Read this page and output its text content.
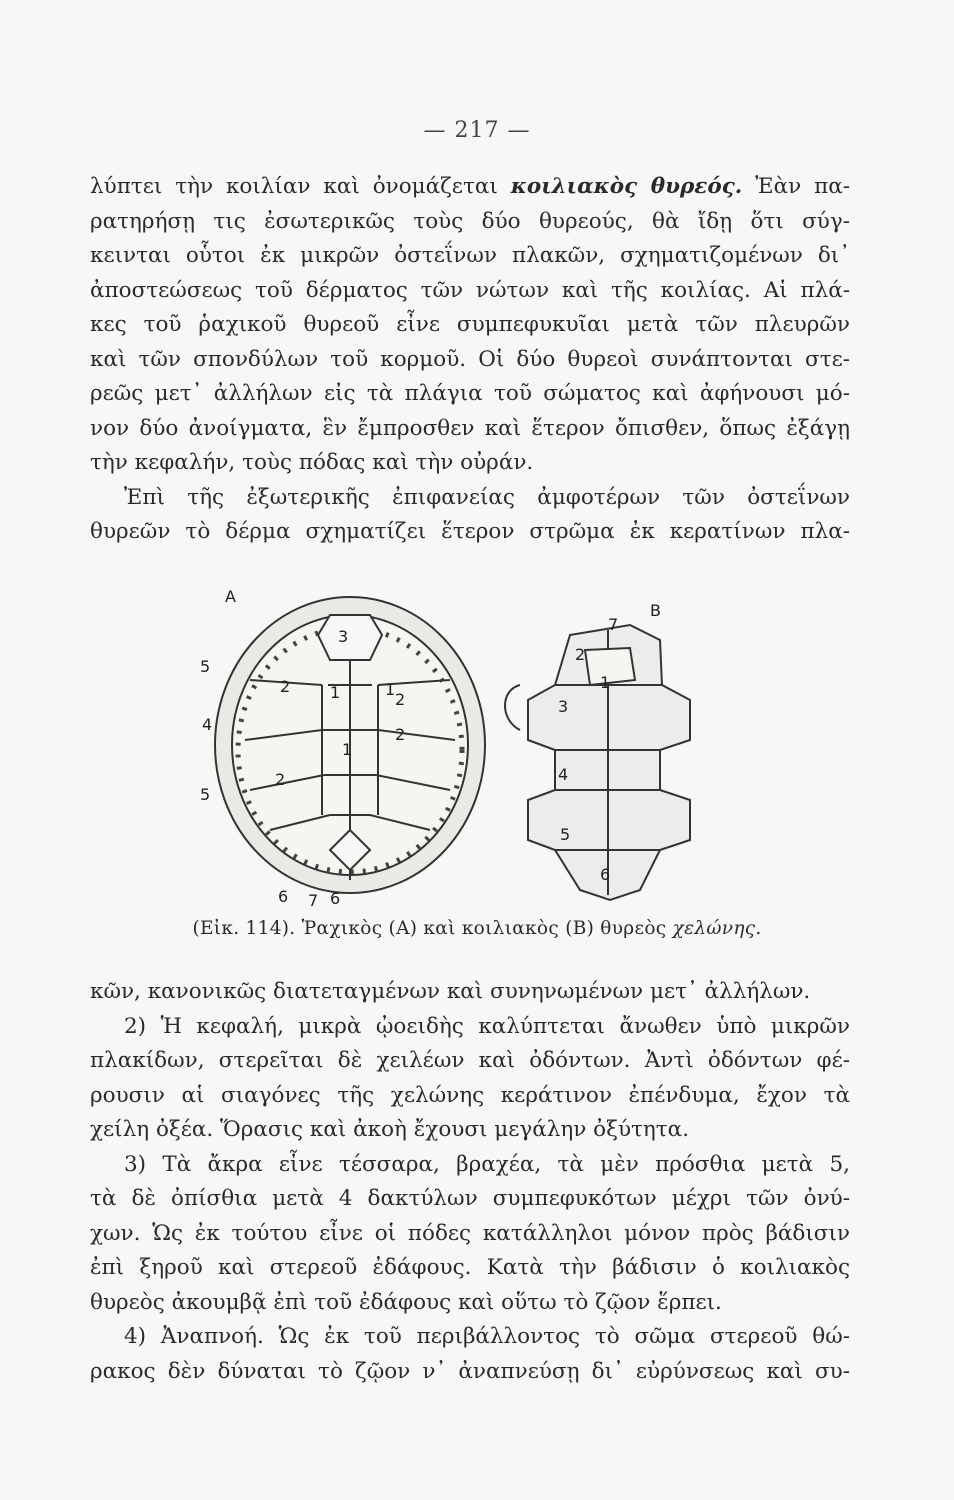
— 217 —
λύπτει τὴν κοιλίαν καὶ ὀνομάζεται κοιλιακὸς θυρεός. Ἐὰν πα-
ρατηρήσῃ τις ἐσωτερικῶς τοὺς δύο θυρεούς, θὰ ἴδῃ ὅτι σύγ-
κεινται οὗτοι ἐκ μικρῶν ὀστεΐνων πλακῶν, σχηματιζομένων δι᾽
ἀποστεώσεως τοῦ δέρματος τῶν νώτων καὶ τῆς κοιλίας. Αἱ πλά-
κες τοῦ ῥαχικοῦ θυρεοῦ εἶνε συμπεφυκυῖαι μετὰ τῶν πλευρῶν
καὶ τῶν σπονδύλων τοῦ κορμοῦ. Οἱ δύο θυρεοὶ συνάπτονται στε-
ρεῶς μετ᾽ ἀλλήλων εἰς τὰ πλάγια τοῦ σώματος καὶ ἀφήνουσι μό-
νον δύο ἀνοίγματα, ἓν ἔμπροσθεν καὶ ἕτερον ὄπισθεν, ὅπως ἐξάγῃ
τὴν κεφαλήν, τοὺς πόδας καὶ τὴν οὐράν.
Ἐπὶ τῆς ἐξωτερικῆς ἐπιφανείας ἀμφοτέρων τῶν ὀστεΐνων
θυρεῶν τὸ δέρμα σχηματίζει ἕτερον στρῶμα ἐκ κερατίνων πλα-
A
3
2 1
1
2
2
2
1
5
4
5
6 7 6
B
7
2
1
3
4
5
6
(Εἰκ. 114). Ῥαχικὸς (Α) καὶ κοιλιακὸς (Β) θυρεὸς χελώνης.
κῶν, κανονικῶς διατεταγμένων καὶ συνηνωμένων μετ᾽ ἀλλήλων.
2) Ἡ κεφαλή, μικρὰ ᾠοειδὴς καλύπτεται ἄνωθεν ὑπὸ μικρῶν
πλακίδων, στερεῖται δὲ χειλέων καὶ ὀδόντων. Ἀντὶ ὀδόντων φέ-
ρουσιν αἱ σιαγόνες τῆς χελώνης κεράτινον ἐπένδυμα, ἔχον τὰ
χείλη ὀξέα. Ὅρασις καὶ ἀκοὴ ἔχουσι μεγάλην ὀξύτητα.
3) Τὰ ἄκρα εἶνε τέσσαρα, βραχέα, τὰ μὲν πρόσθια μετὰ 5,
τὰ δὲ ὀπίσθια μετὰ 4 δακτύλων συμπεφυκότων μέχρι τῶν ὀνύ-
χων. Ὡς ἐκ τούτου εἶνε οἱ πόδες κατάλληλοι μόνον πρὸς βάδισιν
ἐπὶ ξηροῦ καὶ στερεοῦ ἐδάφους. Κατὰ τὴν βάδισιν ὁ κοιλιακὸς
θυρεὸς ἀκουμβᾷ ἐπὶ τοῦ ἐδάφους καὶ οὕτω τὸ ζῷον ἕρπει.
4) Ἀναπνοή. Ὡς ἐκ τοῦ περιβάλλοντος τὸ σῶμα στερεοῦ θώ-
ρακος δὲν δύναται τὸ ζῷον ν᾽ ἀναπνεύσῃ δι᾽ εὐρύνσεως καὶ συ-
